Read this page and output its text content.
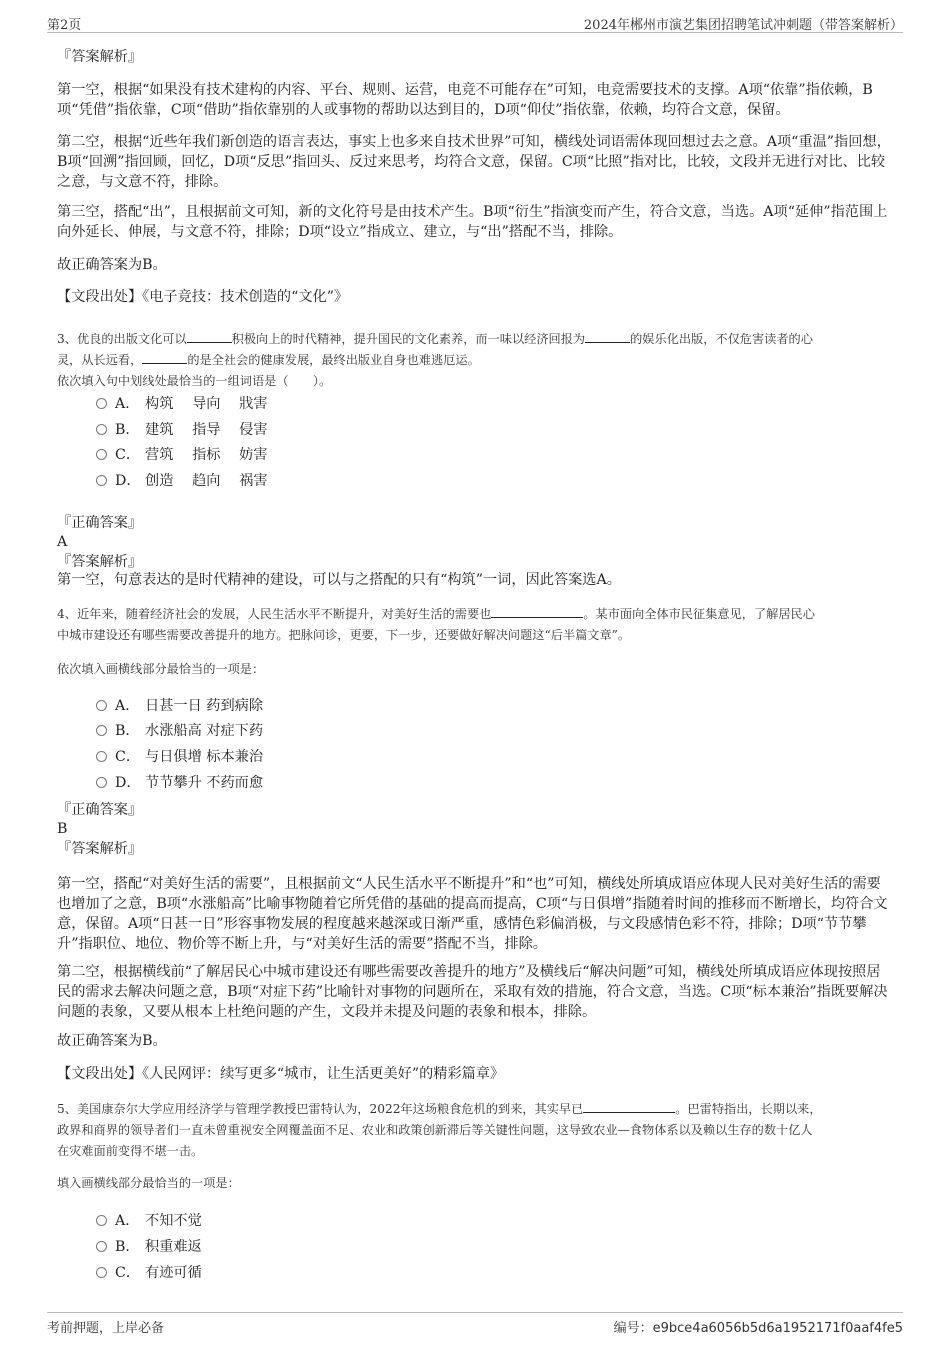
第2页	2024年郴州市演艺集团招聘笔试冲刺题（带答案解析）
『答案解析』
第一空，根据“如果没有技术建构的内容、平台、规则、运营，电竞不可能存在”可知，电竞需要技术的支撑。A项“依靠”指依赖，B项“凭借”指依靠，C项“借助”指依靠别的人或事物的帮助以达到目的，D项“仰仗”指依靠，依赖，均符合文意，保留。
第二空，根据“近些年我们新创造的语言表达，事实上也多来自技术世界”可知，横线处词语需体现回想过去之意。A项“重温”指回想，B项“回溯”指回顾，回忆，D项“反思”指回头、反过来思考，均符合文意，保留。C项“比照”指对比，比较，文段并无进行对比、比较之意，与文意不符，排除。
第三空，搭配“出”，且根据前文可知，新的文化符号是由技术产生。B项“衍生”指演变而产生，符合文意，当选。A项“延伸”指范围上向外延长、伸展，与文意不符，排除；D项“设立”指成立、建立，与“出”搭配不当，排除。
故正确答案为B。
【文段出处】《电子竞技：技术创造的“文化”》
3、优良的出版文化可以	积极向上的时代精神，提升国民的文化素养，而一味以经济回报为	的娱乐化出版，不仅危害读者的心
灵，从长远看，	的是全社会的健康发展，最终出版业自身也难逃厄运。
依次填入句中划线处最恰当的一组词语是（　　）。
A． 构筑　 导向　 戕害
B． 建筑　 指导　 侵害
C． 营筑　 指标　 妨害
D． 创造　 趋向　 祸害
『正确答案』
A
『答案解析』
第一空，句意表达的是时代精神的建设，可以与之搭配的只有“构筑”一词，因此答案选A。
4、近年来，随着经济社会的发展，人民生活水平不断提升，对美好生活的需要也	。某市面向全体市民征集意见，了解居民心
中城市建设还有哪些需要改善提升的地方。把脉问诊，更要，下一步，还要做好解决问题这“后半篇文章”。
依次填入画横线部分最恰当的一项是：
A． 日甚一日 药到病除
B． 水涨船高 对症下药
C． 与日俱增 标本兼治
D． 节节攀升 不药而愈
『正确答案』
B
『答案解析』
第一空，搭配“对美好生活的需要”，且根据前文“人民生活水平不断提升”和“也”可知，横线处所填成语应体现人民对美好生活的需要也增加了之意，B项“水涨船高”比喻事物随着它所凭借的基础的提高而提高，C项“与日俱增”指随着时间的推移而不断增长，均符合文意，保留。A项“日甚一日”形容事物发展的程度越来越深或日渐严重，感情色彩偏消极，与文段感情色彩不符，排除；D项“节节攀升”指职位、地位、物价等不断上升，与“对美好生活的需要”搭配不当，排除。
第二空，根据横线前“了解居民心中城市建设还有哪些需要改善提升的地方”及横线后“解决问题”可知，横线处所填成语应体现按照居民的需求去解决问题之意，B项“对症下药”比喻针对事物的问题所在，采取有效的措施，符合文意，当选。C项“标本兼治”指既要解决问题的表象，又要从根本上杜绝问题的产生，文段并未提及问题的表象和根本，排除。
故正确答案为B。
【文段出处】《人民网评：续写更多“城市，让生活更美好”的精彩篇章》
5、美国康奈尔大学应用经济学与管理学教授巴雷特认为，2022年这场粮食危机的到来，其实早已	。巴雷特指出，长期以来，
政界和商界的领导者们一直未曾重视安全网覆盖面不足、农业和政策创新滞后等关键性问题，这导致农业—食物体系以及赖以生存的数十亿人
在灾难面前变得不堪一击。
填入画横线部分最恰当的一项是：
A． 不知不觉
B． 积重难返
C． 有迹可循
考前押题，上岸必备	编号：e9bce4a6056b5d6a1952171f0aaf4fe5
